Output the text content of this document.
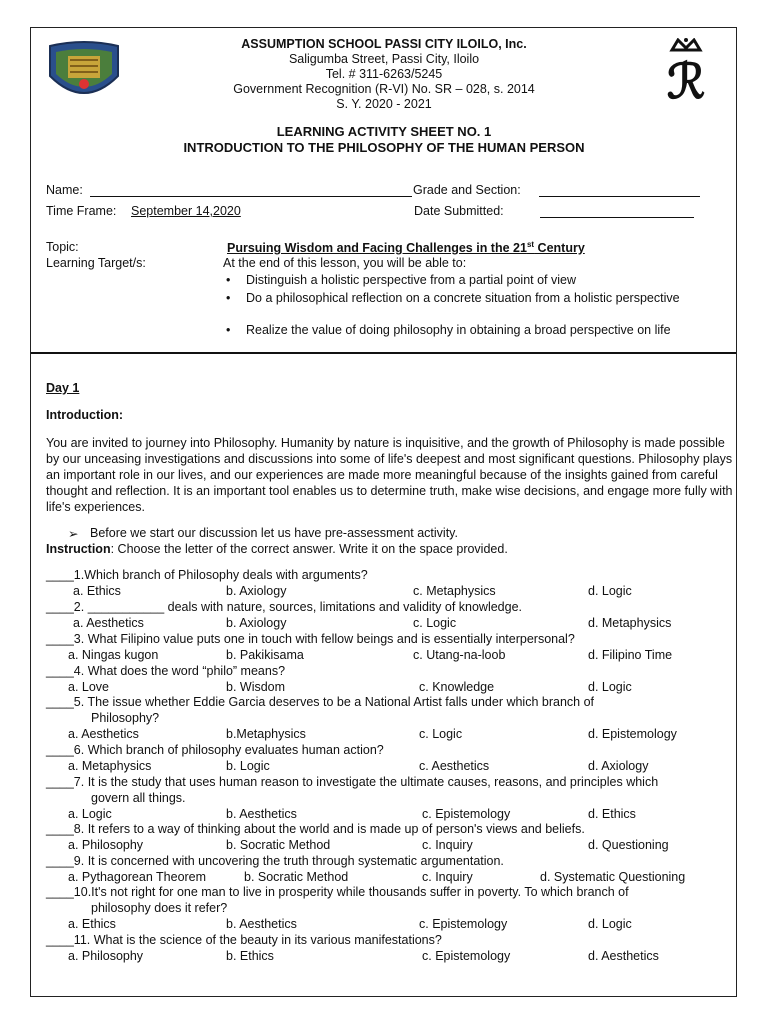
ℛ
ASSUMPTION SCHOOL PASSI CITY ILOILO, Inc.
Saligumba Street, Passi City, Iloilo
Tel. # 311-6263/5245
Government Recognition (R-VI) No. SR – 028, s. 2014
S. Y. 2020 - 2021
LEARNING ACTIVITY SHEET NO. 1
INTRODUCTION TO THE PHILOSOPHY OF THE HUMAN PERSON
Name:	Grade and Section:
Time Frame: September 14,2020	Date Submitted:
Topic:	Pursuing Wisdom and Facing Challenges in the 21st Century
Learning Target/s:	At the end of this lesson, you will be able to:
• Distinguish a holistic perspective from a partial point of view
• Do a philosophical reflection on a concrete situation from a holistic perspective
• Realize the value of doing philosophy in obtaining a broad perspective on life
Day 1
Introduction:
You are invited to journey into Philosophy. Humanity by nature is inquisitive, and the growth of Philosophy is made possible by our unceasing investigations and discussions into some of life's deepest and most significant questions. Philosophy plays an important role in our lives, and our experiences are made more meaningful because of the insights gained from careful thought and reflection. It is an important tool enables us to determine truth, make wise decisions, and engage more fully with life's experiences.
➢ Before we start our discussion let us have pre-assessment activity.
Instruction: Choose the letter of the correct answer. Write it on the space provided.
____1.Which branch of Philosophy deals with arguments?
a. Ethics	b. Axiology	c. Metaphysics	d. Logic
____2. ___________ deals with nature, sources, limitations and validity of knowledge.
a. Aesthetics	b. Axiology	c. Logic	d. Metaphysics
____3. What Filipino value puts one in touch with fellow beings and is essentially interpersonal?
a. Ningas kugon	b. Pakikisama	c. Utang-na-loob	d. Filipino Time
____4. What does the word “philo” means?
a. Love	b. Wisdom	c. Knowledge	d. Logic
____5. The issue whether Eddie Garcia deserves to be a National Artist falls under which branch of
Philosophy?
a. Aesthetics	b.Metaphysics	c. Logic	d. Epistemology
____6. Which branch of philosophy evaluates human action?
a. Metaphysics	b. Logic	c. Aesthetics	d. Axiology
____7. It is the study that uses human reason to investigate the ultimate causes, reasons, and principles which
govern all things.
a. Logic	b. Aesthetics	c. Epistemology	d. Ethics
____8. It refers to a way of thinking about the world and is made up of person's views and beliefs.
a. Philosophy	b. Socratic Method	c. Inquiry	d. Questioning
____9. It is concerned with uncovering the truth through systematic argumentation.
a. Pythagorean Theorem	b. Socratic Method	c. Inquiry	d. Systematic Questioning
____10.It's not right for one man to live in prosperity while thousands suffer in poverty. To which branch of
philosophy does it refer?
a. Ethics	b. Aesthetics	c. Epistemology	d. Logic
____11. What is the science of the beauty in its various manifestations?
a. Philosophy	b. Ethics	c. Epistemology	d. Aesthetics
